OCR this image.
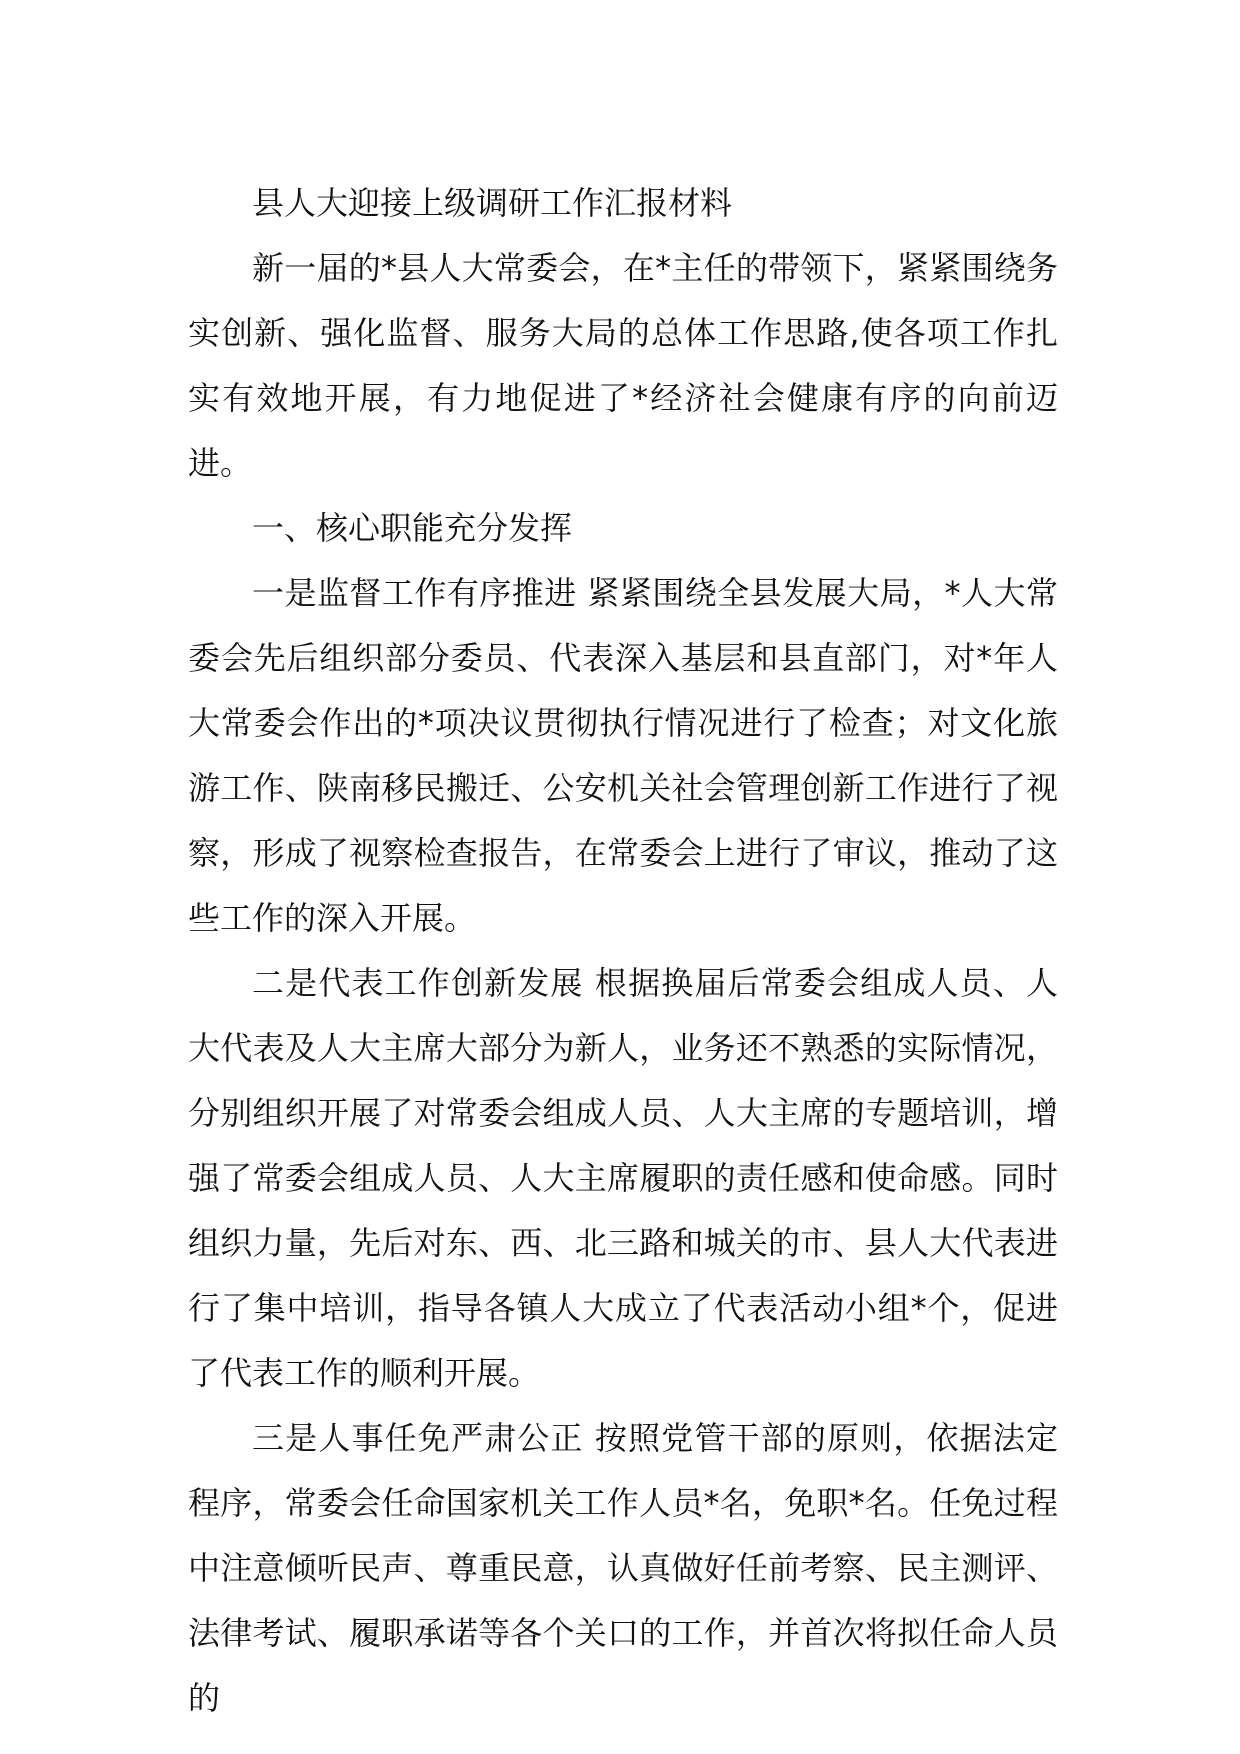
县人大迎接上级调研工作汇报材料

新一届的*县人大常委会，在*主任的带领下，紧紧围绕务实创新、强化监督、服务大局的总体工作思路,使各项工作扎实有效地开展，有力地促进了*经济社会健康有序的向前迈进。

一、核心职能充分发挥

一是监督工作有序推进 紧紧围绕全县发展大局，*人大常委会先后组织部分委员、代表深入基层和县直部门，对*年人大常委会作出的*项决议贯彻执行情况进行了检查；对文化旅游工作、陕南移民搬迁、公安机关社会管理创新工作进行了视察，形成了视察检查报告，在常委会上进行了审议，推动了这些工作的深入开展。

二是代表工作创新发展 根据换届后常委会组成人员、人大代表及人大主席大部分为新人，业务还不熟悉的实际情况，分别组织开展了对常委会组成人员、人大主席的专题培训，增强了常委会组成人员、人大主席履职的责任感和使命感。同时组织力量，先后对东、西、北三路和城关的市、县人大代表进行了集中培训，指导各镇人大成立了代表活动小组*个，促进了代表工作的顺利开展。

三是人事任免严肃公正 按照党管干部的原则，依据法定程序，常委会任命国家机关工作人员*名，免职*名。任免过程中注意倾听民声、尊重民意，认真做好任前考察、民主测评、法律考试、履职承诺等各个关口的工作，并首次将拟任命人员的
